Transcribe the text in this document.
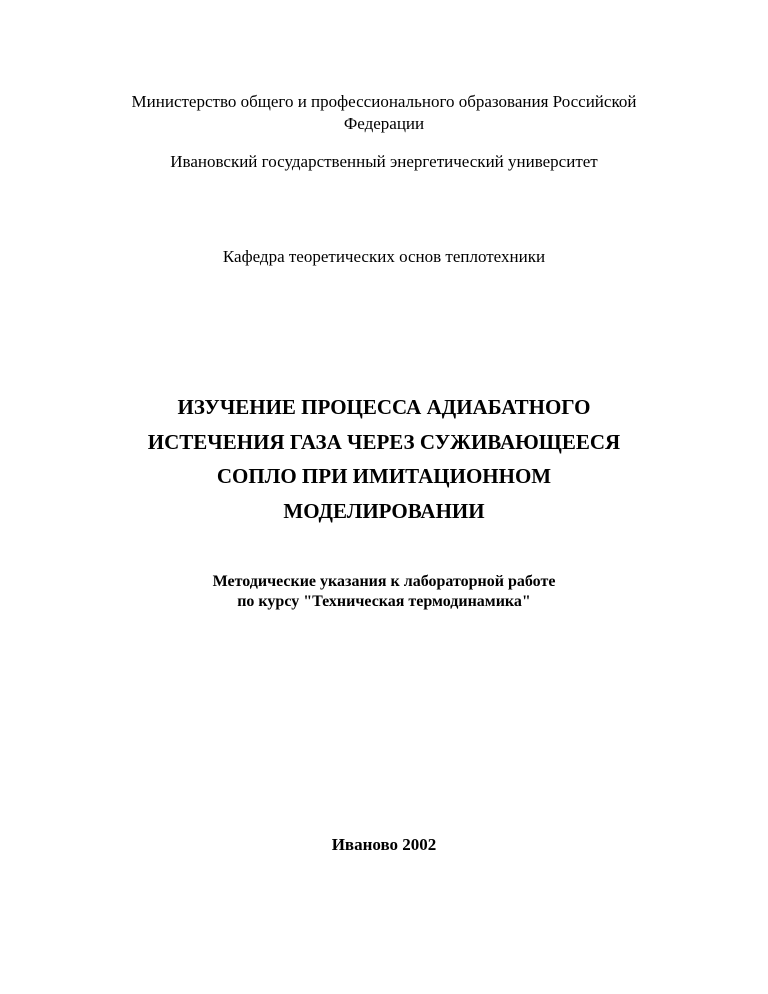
Министерство общего и профессионального образования Российской
Федерации
Ивановский государственный энергетический университет
Кафедра теоретических основ теплотехники
ИЗУЧЕНИЕ ПРОЦЕССА АДИАБАТНОГО
ИСТЕЧЕНИЯ ГАЗА ЧЕРЕЗ СУЖИВАЮЩЕЕСЯ
СОПЛО ПРИ ИМИТАЦИОННОМ
МОДЕЛИРОВАНИИ
Методические указания к лабораторной работе
по курсу "Техническая термодинамика"
Иваново 2002
